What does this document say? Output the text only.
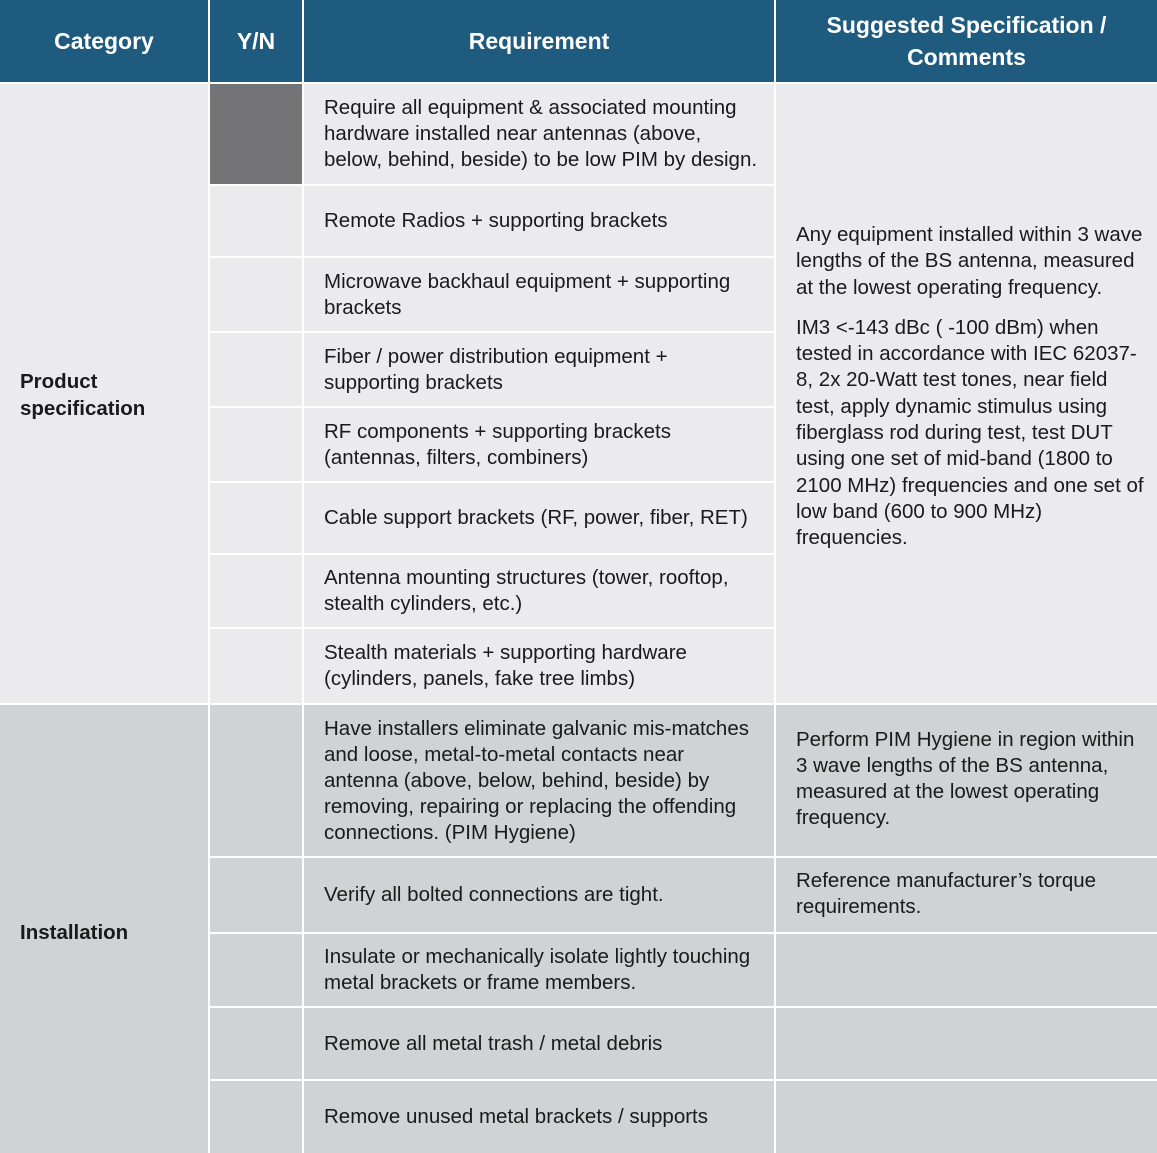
Category	Y/N	Requirement
Suggested Specification / Comments
Product specification
Require all equipment & associated mounting hardware installed near antennas (above, below, behind, beside) to be low PIM by design.
Remote Radios + supporting brackets
Microwave backhaul equipment + supporting brackets
Fiber / power distribution equipment + supporting brackets
RF components + supporting brackets (antennas, filters, combiners)
Cable support brackets (RF, power, fiber, RET)
Antenna mounting structures (tower, rooftop, stealth cylinders, etc.)
Stealth materials + supporting hardware (cylinders, panels, fake tree limbs)

Any equipment installed within 3 wave lengths of the BS antenna, measured at the lowest operating frequency.

IM3 <-143 dBc ( -100 dBm) when tested in accordance with IEC 62037-8, 2x 20-Watt test tones, near field test, apply dynamic stimulus using fiberglass rod during test, test DUT using one set of mid-band (1800 to 2100 MHz) frequencies and one set of low band (600 to 900 MHz) frequencies.

Installation
Have installers eliminate galvanic mis-matches and loose, metal-to-metal contacts near antenna (above, below, behind, beside) by removing, repairing or replacing the offending connections. (PIM Hygiene)
Verify all bolted connections are tight.
Insulate or mechanically isolate lightly touching metal brackets or frame members.
Remove all metal trash / metal debris
Remove unused metal brackets / supports
Perform PIM Hygiene in region within 3 wave lengths of the BS antenna, measured at the lowest operating frequency.
Reference manufacturer’s torque requirements.
